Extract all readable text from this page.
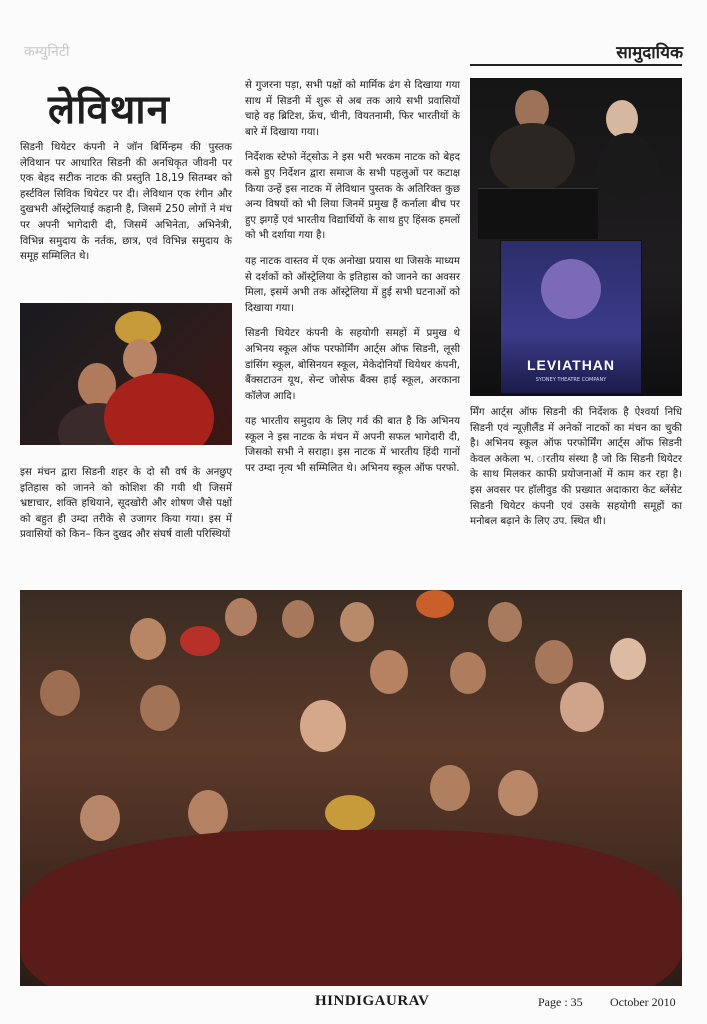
कम्युनिटी	सामुदायिक
लेविथान

सिडनी थियेटर कंपनी ने जॉन बिर्मिन्हम की पुस्तक लेविथान पर आधारित सिडनी की अनधिकृत जीवनी पर एक बेहद सटीक नाटक की प्रस्तुति 18,19 सितम्बर को हर्स्टविल सिविक थियेटर पर दी। लेविथान एक रंगीन और दुखभरी ऑस्ट्रेलियाई कहानी है, जिसमें 250 लोगों ने मंच पर अपनी भागेदारी दी, जिसमें अभिनेता, अभिनेत्री, विभिन्न समुदाय के नर्तक, छात्र, एवं विभिन्न समुदाय के समूह सम्मिलित थे।

इस मंचन द्वारा सिडनी शहर के दो सौ वर्ष के अनछुए इतिहास को जानने को कोशिश की गयी थी जिसमें भ्रष्टाचार, शक्ति हथियाने, सूदखोरी और शोषण जैसे पक्षों को बहुत ही उम्दा तरीके से उजागर किया गया। इस में प्रवासियों को किन– किन दुखद और संघर्ष वाली परिस्थियों

से गुजरना पड़ा, सभी पक्षों को मार्मिक ढंग से दिखाया गया साथ में सिडनी में शुरू से अब तक आये सभी प्रवासियों चाहे वह ब्रिटिश, फ्रेंच, चीनी, वियतनामी, फिर भारतीयों के बारे में दिखाया गया।

निर्देशक स्टेफो नेंट्सोऊ ने इस भरी भरकम नाटक को बेहद कसे हुए निर्देशन द्वारा समाज के सभी पहलुओं पर कटाक्ष किया उन्हें इस नाटक में लेविथान पुस्तक के अतिरिक्त कुछ अन्य विषयों को भी लिया जिनमें प्रमुख हैं कर्नाला बीच पर हुए झगड़ें एवं भारतीय विद्यार्थियों के साथ हुए हिंसक हमलों को भी दर्शाया गया है।

यह नाटक वास्तव में एक अनोखा प्रयास था जिसके माध्यम से दर्शकों को ऑस्ट्रेलिया के इतिहास को जानने का अवसर मिला, इसमें अभी तक ऑस्ट्रेलिया में हुई सभी घटनाओं को दिखाया गया।

सिडनी थियेटर कंपनी के सहयोगी समहों में प्रमुख थे अभिनय स्कूल ऑफ परफोर्मिंग आर्ट्स ऑफ सिडनी, लूसी डांसिंग स्कूल, बोसिनयन स्कूल, मेकेदोनियाँ थियेथर कंपनी, बैंक्सटाउन यूथ, सेन्ट जोसेफ बैंक्स हाई स्कूल, अरकाना कॉलेज आदि।

यह भारतीय समुदाय के लिए गर्व की बात है कि अभिनय स्कूल ने इस नाटक के मंचन में अपनी सफल भागेदारी दी, जिसको सभी ने सराहा। इस नाटक में भारतीय हिंदी गानों पर उम्दा नृत्य भी सम्मिलित थे। अभिनय स्कूल ऑफ परफो.

LEVIATHAN
SYDNEY THEATRE COMPANY

र्मिंग आर्ट्स ऑफ सिडनी की निर्देशक है ऐश्वर्या निधि सिडनी एवं न्यूज़ीलैंड में अनेकों नाटकों का मंचन का चुकी है। अभिनय स्कूल ऑफ परफोर्मिंग आर्ट्स ऑफ सिडनी केवल अकेला भ. ारतीय संस्था है जो कि सिडनी थियेटर के साथ मिलकर काफी प्रयोजनाओं में काम कर रहा है। इस अवसर पर हॉलीवुड की प्रख्यात अदाकारा केट ब्लेंसेट सिडनी थियेटर कंपनी एवं उसके सहयोगी समूहों का मनोबल बढ़ाने के लिए उप. स्थित थी।

HINDIGAURAV	Page : 35 October 2010
